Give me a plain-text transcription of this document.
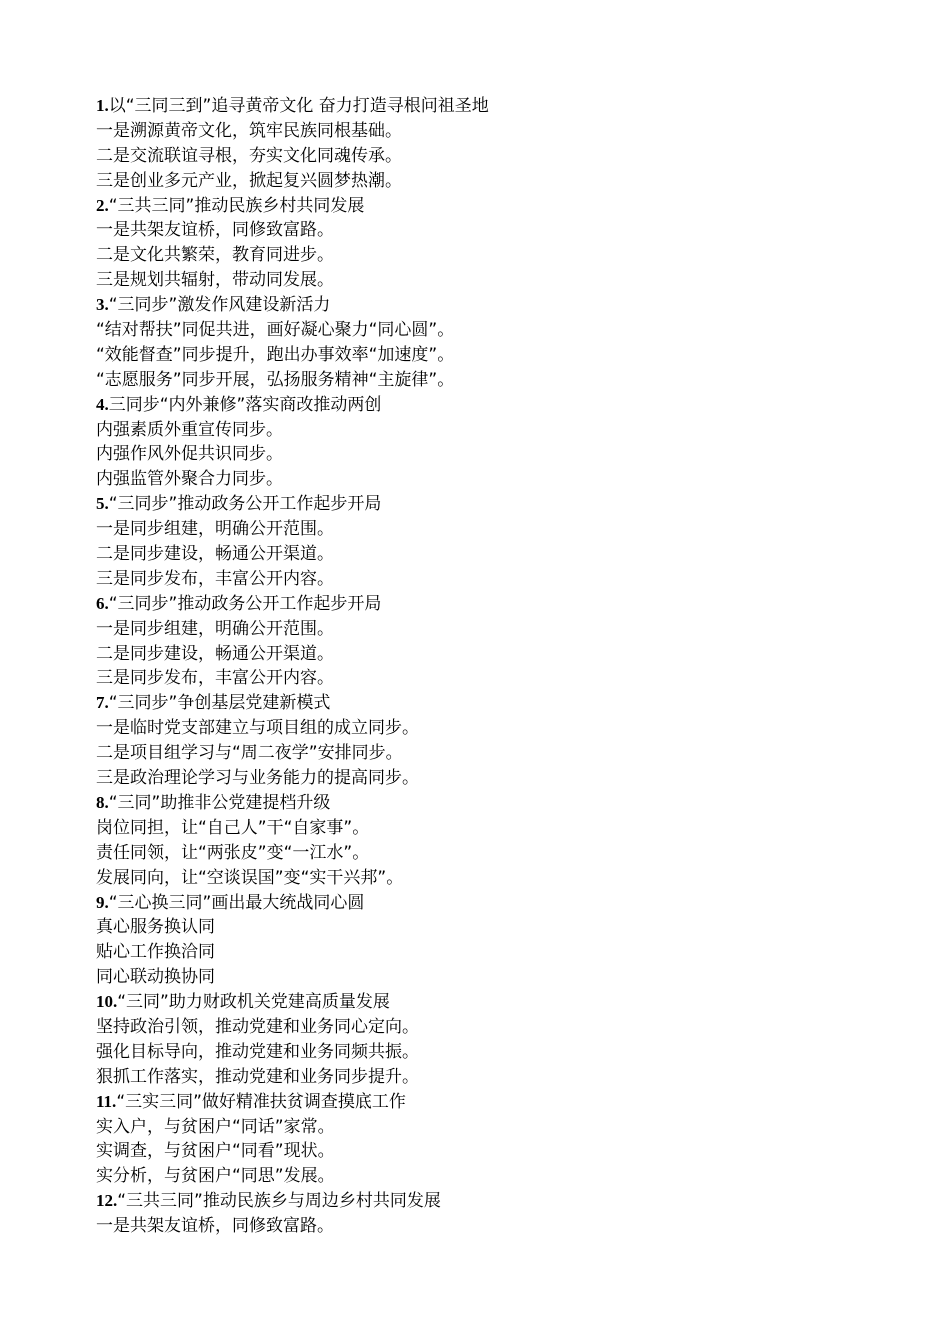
1.以“三同三到”追寻黄帝文化 奋力打造寻根问祖圣地
一是溯源黄帝文化，筑牢民族同根基础。
二是交流联谊寻根，夯实文化同魂传承。
三是创业多元产业，掀起复兴圆梦热潮。
2.“三共三同”推动民族乡村共同发展
一是共架友谊桥，同修致富路。
二是文化共繁荣，教育同进步。
三是规划共辐射，带动同发展。
3.“三同步”激发作风建设新活力
“结对帮扶”同促共进，画好凝心聚力“同心圆”。
“效能督查”同步提升，跑出办事效率“加速度”。
“志愿服务”同步开展，弘扬服务精神“主旋律”。
4.三同步“内外兼修”落实商改推动两创
内强素质外重宣传同步。
内强作风外促共识同步。
内强监管外聚合力同步。
5.“三同步”推动政务公开工作起步开局
一是同步组建，明确公开范围。
二是同步建设，畅通公开渠道。
三是同步发布，丰富公开内容。
6.“三同步”推动政务公开工作起步开局
一是同步组建，明确公开范围。
二是同步建设，畅通公开渠道。
三是同步发布，丰富公开内容。
7.“三同步”争创基层党建新模式
一是临时党支部建立与项目组的成立同步。
二是项目组学习与“周二夜学”安排同步。
三是政治理论学习与业务能力的提高同步。
8.“三同”助推非公党建提档升级
岗位同担，让“自己人”干“自家事”。
责任同领，让“两张皮”变“一江水”。
发展同向，让“空谈误国”变“实干兴邦”。
9.“三心换三同”画出最大统战同心圆
真心服务换认同
贴心工作换洽同
同心联动换协同
10.“三同”助力财政机关党建高质量发展
坚持政治引领，推动党建和业务同心定向。
强化目标导向，推动党建和业务同频共振。
狠抓工作落实，推动党建和业务同步提升。
11.“三实三同”做好精准扶贫调查摸底工作
实入户，与贫困户“同话”家常。
实调查，与贫困户“同看”现状。
实分析，与贫困户“同思”发展。
12.“三共三同”推动民族乡与周边乡村共同发展
一是共架友谊桥，同修致富路。
